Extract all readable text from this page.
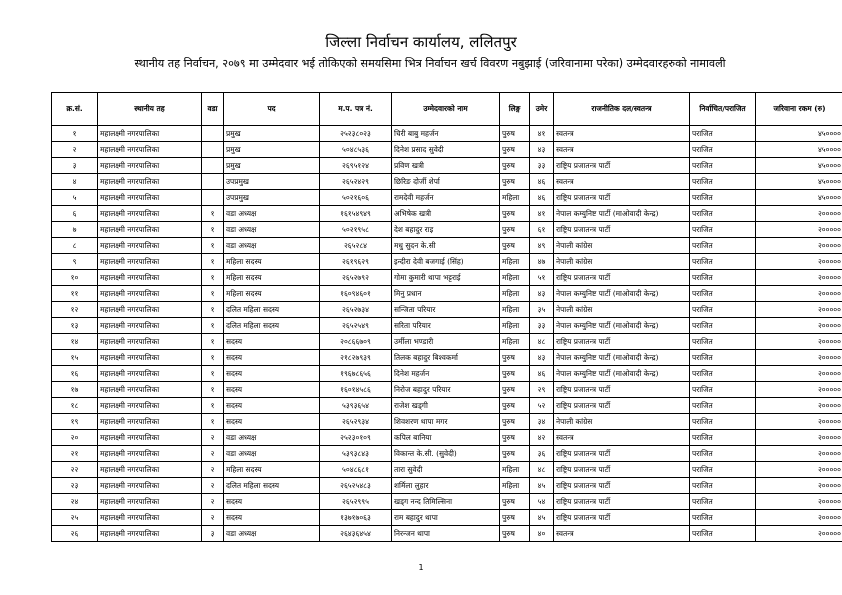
जिल्ला निर्वाचन कार्यालय, ललितपुर
स्थानीय तह निर्वाचन, २०७९ मा उम्मेदवार भई तोकिएको समयसिमा भित्र निर्वाचन खर्च विवरण नबुझाई (जरिवानामा परेका) उम्मेदवारहरुको नामावली
क्र.सं.	स्थानीय तह	वडा	पद	म.प. पत्र नं.	उम्मेदवारको नाम	लिङ्ग	उमेर	राजनीतिक दल/स्वतन्त्र	निर्वाचित/पराजित	जरिवाना रकम (रु)
१	महालक्ष्मी नगरपालिका		प्रमुख	२५२३८०२३	चिरी बाबु महर्जन	पुरुष	४१	स्वतन्त्र	पराजित	४५००००
२	महालक्ष्मी नगरपालिका		प्रमुख	५०४८५३६	दिनेश प्रसाद सुवेदी	पुरुष	४३	स्वतन्त्र	पराजित	४५००००
३	महालक्ष्मी नगरपालिका		प्रमुख	२६९५१२४	प्रविण खत्री	पुरुष	३३	राष्ट्रिय प्रजातन्त्र पार्टी	पराजित	४५००००
४	महालक्ष्मी नगरपालिका		उपप्रमुख	२६५२४२९	छिरिङ दोर्जी शेर्पा	पुरुष	४६	स्वतन्त्र	पराजित	४५००००
५	महालक्ष्मी नगरपालिका		उपप्रमुख	५०२१६०६	रामदेवी महर्जन	महिला	४६	राष्ट्रिय प्रजातन्त्र पार्टी	पराजित	४५००००
६	महालक्ष्मी नगरपालिका	१	वडा अध्यक्ष	१६१५४९४९	अभिषेक खत्री	पुरुष	४१	नेपाल कम्युनिष्ट पार्टी (माओवादी केन्द्र)	पराजित	२०००००
७	महालक्ष्मी नगरपालिका	१	वडा अध्यक्ष	५०२१९५८	देश बहादुर राइ	पुरुष	६१	राष्ट्रिय प्रजातन्त्र पार्टी	पराजित	२०००००
८	महालक्ष्मी नगरपालिका	१	वडा अध्यक्ष	२६५२८४	मधु सुदन के.सी	पुरुष	४९	नेपाली कांग्रेस	पराजित	२०००००
९	महालक्ष्मी नगरपालिका	१	महिला सदस्य	२६१९६२९	इन्दीरा देवी बजगाई (सिंह)	महिला	४७	नेपाली कांग्रेस	पराजित	२०००००
१०	महालक्ष्मी नगरपालिका	१	महिला सदस्य	२६५२७९२	गोमा कुमारी थापा भट्टराई	महिला	५१	राष्ट्रिय प्रजातन्त्र पार्टी	पराजित	२०००००
११	महालक्ष्मी नगरपालिका	१	महिला सदस्य	१६०९४६०१	मिनु प्रधान	महिला	४३	नेपाल कम्युनिष्ट पार्टी (माओवादी केन्द्र)	पराजित	२०००००
१२	महालक्ष्मी नगरपालिका	१	दलित महिला सदस्य	२६५२७३४	सन्जिता परियार	महिला	३५	नेपाली कांग्रेस	पराजित	२०००००
१३	महालक्ष्मी नगरपालिका	१	दलित महिला सदस्य	२६५२५४९	सरिता परियार	महिला	३३	नेपाल कम्युनिष्ट पार्टी (माओवादी केन्द्र)	पराजित	२०००००
१४	महालक्ष्मी नगरपालिका	१	सदस्य	२०८६६७०९	उर्मीला भण्डारी	महिला	४८	राष्ट्रिय प्रजातन्त्र पार्टी	पराजित	२०००००
१५	महालक्ष्मी नगरपालिका	१	सदस्य	२१८२७९३९	तिलक बहादुर बिश्वकर्मा	पुरुष	४३	नेपाल कम्युनिष्ट पार्टी (माओवादी केन्द्र)	पराजित	२०००००
१६	महालक्ष्मी नगरपालिका	१	सदस्य	१९६७८६५६	दिनेश महर्जन	पुरुष	४६	नेपाल कम्युनिष्ट पार्टी (माओवादी केन्द्र)	पराजित	२०००००
१७	महालक्ष्मी नगरपालिका	१	सदस्य	१६०१४५८६	निरोज बहादुर परियार	पुरुष	२९	राष्ट्रिय प्रजातन्त्र पार्टी	पराजित	२०००००
१८	महालक्ष्मी नगरपालिका	१	सदस्य	५३९३६५४	राजेश खड्गी	पुरुष	५२	राष्ट्रिय प्रजातन्त्र पार्टी	पराजित	२०००००
१९	महालक्ष्मी नगरपालिका	१	सदस्य	२६५२९३४	शिवशरण थापा मगर	पुरुष	३४	नेपाली कांग्रेस	पराजित	२०००००
२०	महालक्ष्मी नगरपालिका	२	वडा अध्यक्ष	२५२३०१०९	कपिल बानिया	पुरुष	४२	स्वतन्त्र	पराजित	२०००००
२१	महालक्ष्मी नगरपालिका	२	वडा अध्यक्ष	५३९३८४३	विकान्त के.सी. (सुवेदी)	पुरुष	३६	राष्ट्रिय प्रजातन्त्र पार्टी	पराजित	२०००००
२२	महालक्ष्मी नगरपालिका	२	महिला सदस्य	५०४८६८१	तारा सुवेदी	महिला	४८	राष्ट्रिय प्रजातन्त्र पार्टी	पराजित	२०००००
२३	महालक्ष्मी नगरपालिका	२	दलित महिला सदस्य	२६५२५४८३	शर्मिला लुहार	महिला	४५	राष्ट्रिय प्रजातन्त्र पार्टी	पराजित	२०००००
२४	महालक्ष्मी नगरपालिका	२	सदस्य	२६५२९९५	खड्ग नन्द तिमिल्सिना	पुरुष	५४	राष्ट्रिय प्रजातन्त्र पार्टी	पराजित	२०००००
२५	महालक्ष्मी नगरपालिका	२	सदस्य	१३७१७०६३	राम बहादुर थापा	पुरुष	४५	राष्ट्रिय प्रजातन्त्र पार्टी	पराजित	२०००००
२६	महालक्ष्मी नगरपालिका	३	वडा अध्यक्ष	२६४३६४५४	निरन्जन थापा	पुरुष	४०	स्वतन्त्र	पराजित	२०००००
1
